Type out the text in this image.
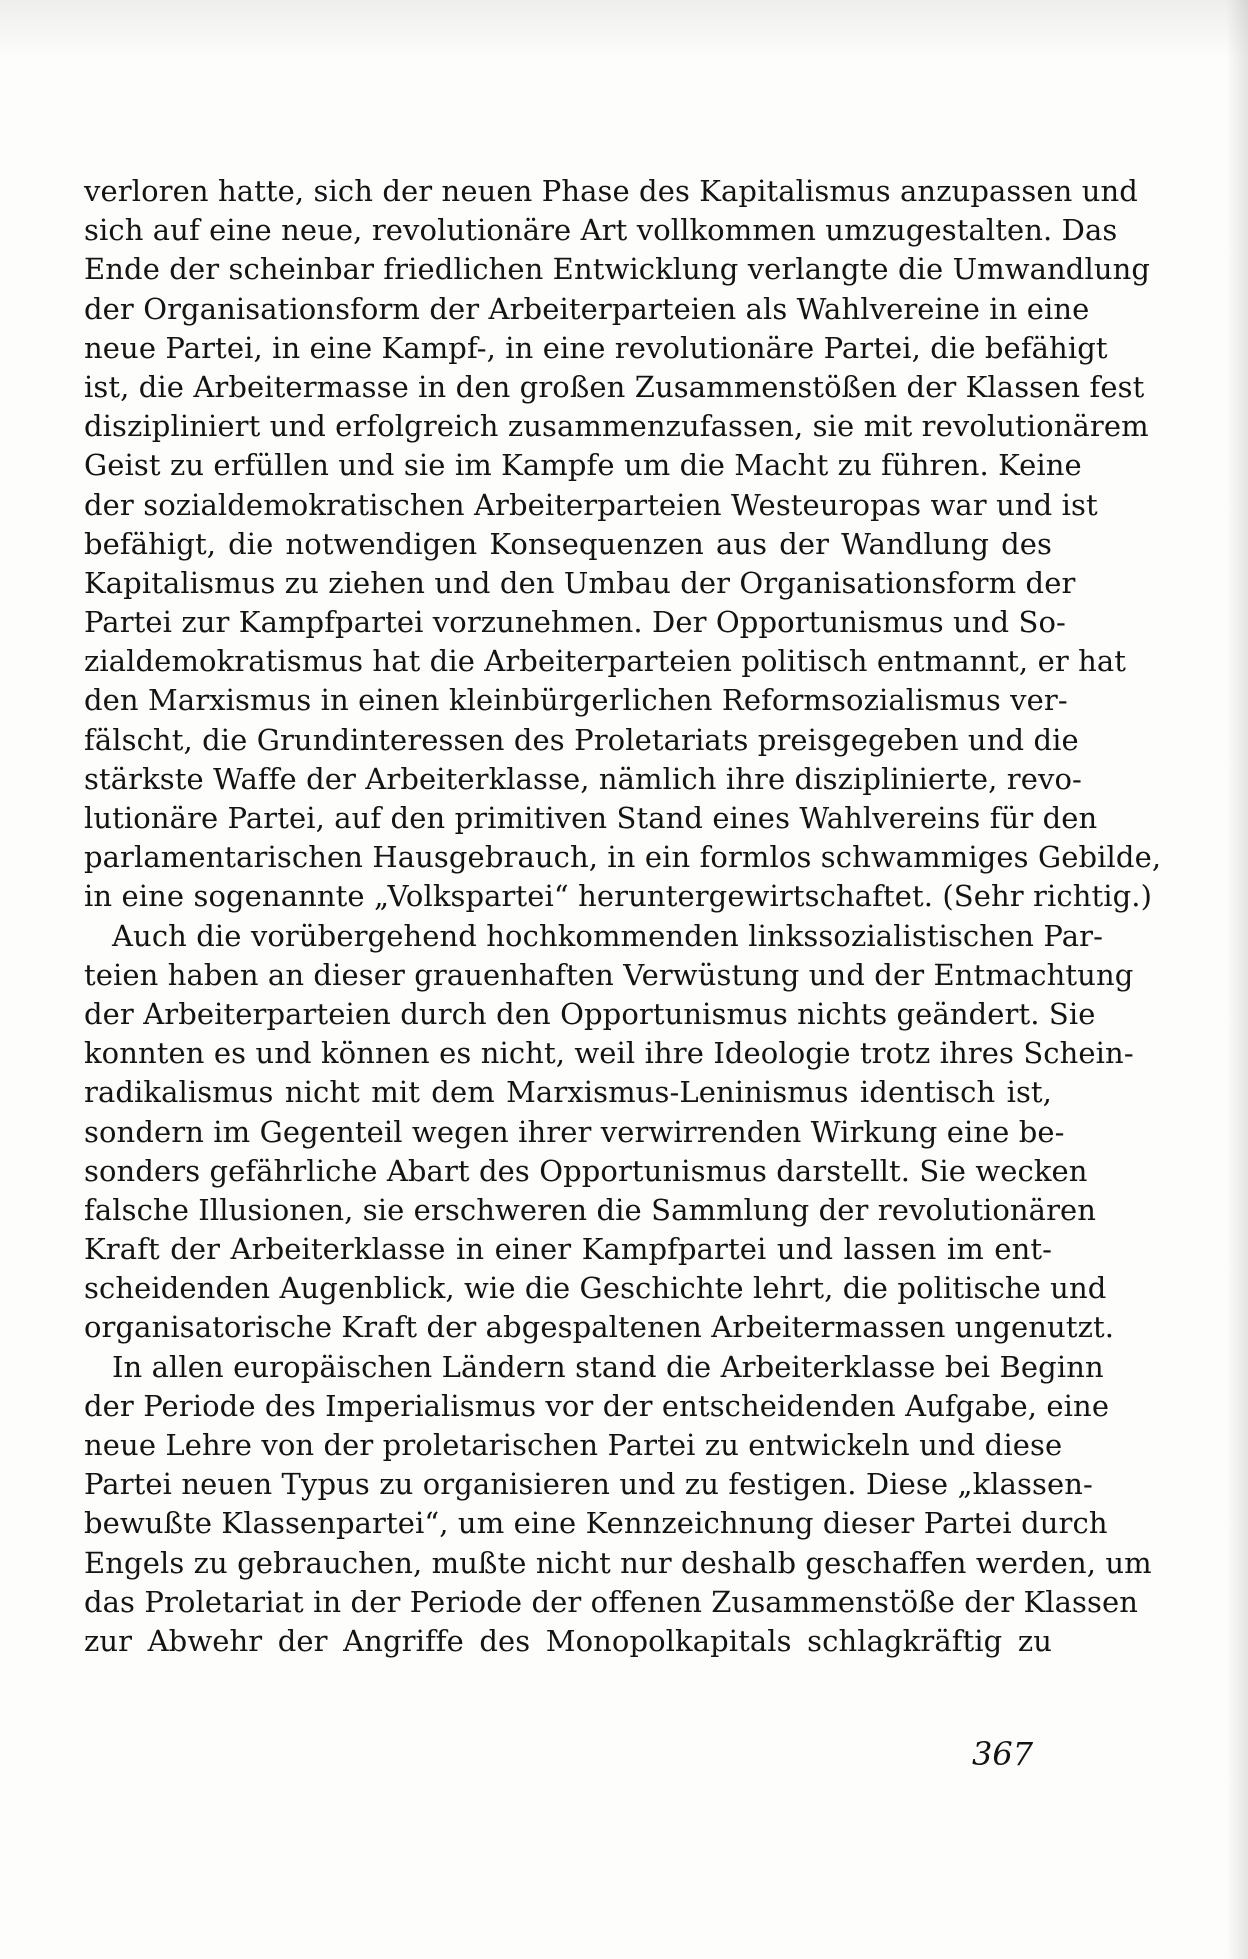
verloren hatte, sich der neuen Phase des Kapitalismus anzupassen und
sich auf eine neue, revolutionäre Art vollkommen umzugestalten. Das
Ende der scheinbar friedlichen Entwicklung verlangte die Umwandlung
der Organisationsform der Arbeiterparteien als Wahlvereine in eine
neue Partei, in eine Kampf-, in eine revolutionäre Partei, die befähigt
ist, die Arbeitermasse in den großen Zusammenstößen der Klassen fest
diszipliniert und erfolgreich zusammenzufassen, sie mit revolutionärem
Geist zu erfüllen und sie im Kampfe um die Macht zu führen. Keine
der sozialdemokratischen Arbeiterparteien Westeuropas war und ist
befähigt, die notwendigen Konsequenzen aus der Wandlung des
Kapitalismus zu ziehen und den Umbau der Organisationsform der
Partei zur Kampfpartei vorzunehmen. Der Opportunismus und So-
zialdemokratismus hat die Arbeiterparteien politisch entmannt, er hat
den Marxismus in einen kleinbürgerlichen Reformsozialismus ver-
fälscht, die Grundinteressen des Proletariats preisgegeben und die
stärkste Waffe der Arbeiterklasse, nämlich ihre disziplinierte, revo-
lutionäre Partei, auf den primitiven Stand eines Wahlvereins für den
parlamentarischen Hausgebrauch, in ein formlos schwammiges Gebilde,
in eine sogenannte „Volkspartei“ heruntergewirtschaftet. (Sehr richtig.)
Auch die vorübergehend hochkommenden linkssozialistischen Par-
teien haben an dieser grauenhaften Verwüstung und der Entmachtung
der Arbeiterparteien durch den Opportunismus nichts geändert. Sie
konnten es und können es nicht, weil ihre Ideologie trotz ihres Schein-
radikalismus nicht mit dem Marxismus-Leninismus identisch ist,
sondern im Gegenteil wegen ihrer verwirrenden Wirkung eine be-
sonders gefährliche Abart des Opportunismus darstellt. Sie wecken
falsche Illusionen, sie erschweren die Sammlung der revolutionären
Kraft der Arbeiterklasse in einer Kampfpartei und lassen im ent-
scheidenden Augenblick, wie die Geschichte lehrt, die politische und
organisatorische Kraft der abgespaltenen Arbeitermassen ungenutzt.
In allen europäischen Ländern stand die Arbeiterklasse bei Beginn
der Periode des Imperialismus vor der entscheidenden Aufgabe, eine
neue Lehre von der proletarischen Partei zu entwickeln und diese
Partei neuen Typus zu organisieren und zu festigen. Diese „klassen-
bewußte Klassenpartei“, um eine Kennzeichnung dieser Partei durch
Engels zu gebrauchen, mußte nicht nur deshalb geschaffen werden, um
das Proletariat in der Periode der offenen Zusammenstöße der Klassen
zur Abwehr der Angriffe des Monopolkapitals schlagkräftig zu
367
